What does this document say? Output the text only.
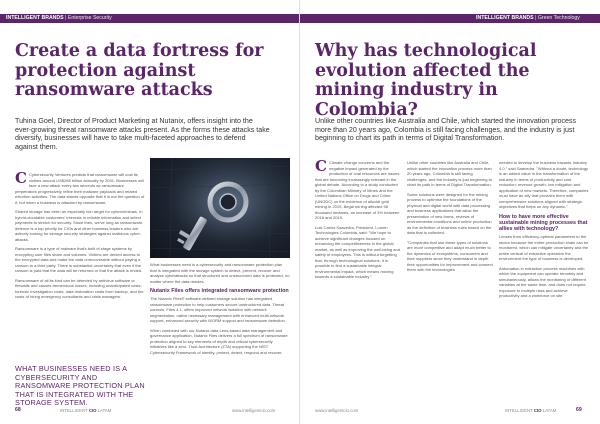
INTELLIGENT BRANDS | Enterprise Security
Create a data fortress for protection against ransomware attacks

Tuhina Goel, Director of Product Marketing at Nutanix, offers insight into the ever-growing threat ransomware attacks present. As the forms these attacks take diversify, businesses will have to take multi-faceted approaches to defend against them.

C Cybersecurity Ventures predicts that ransomware will cost its victims around US$265 billion annually by 2031. Businesses will face a new attack every two seconds as ransomware perpetrators progressively refine their malware payloads and related extortion activities. The data stands opposite that it is not the question of if, but when a business is attacked by ransomware.

Shared storage has been an especially rich target for cybercriminals. In hybrid-cloudable customers' interests in reliable information and select payments to stretch for security. Since then, we've long as ransomware defence is a top priority for CIOs and other business leaders who are actively looking for storage security strategies against malicious cyber-attacks.

Ransomware is a type of malware that's built of stage systems by encrypting user files share and volumes. Victims are denied access to the encrypted data and make the data unrecoverable without paying a ransom to a third party. There is substantial uncertainty that even if the ransom is paid that the data will be returned or that the attack is ended.

Ransomware of all its kind can be detected by antivirus software or firewalls and causes tremendous losses, including unanticipated costs, forensic investigation costs, data restoration costs from backup, and the costs of hiring emergency consultants and crisis managers.

WHAT BUSINESSES NEED IS A CYBERSECURITY AND RANSOMWARE PROTECTION PLAN THAT IS INTEGRATED WITH THE STORAGE SYSTEM.

What businesses need is a cybersecurity and ransomware protection plan that is integrated with the storage system to detect, prevent, recover and analyse cyberattacks so that structured and unstructured data is protected, no matter where the data resides.

Nutanix Files offers integrated ransomware protection

The Nutanix Files® software-defined storage solution has integrated ransomware protection to help customers secure unstructured data. Threat controls, Files 4.1, offers improved network isolation with network segmentation, native necessary management with enhanced multi-network support, enhanced security with WORM support and ransomware detection.

When combined with our Nutanix data Lens-based data management and governance application, Nutanix Files delivers a full spectrum of ransomware protection aligned to key elements of depth and critical cybersecurity initiatives like a zero. Trust Architecture (ZTA) supporting the NIST Cybersecurity Framework of identify, protect, detect, respond and recover.

68	INTELLIGENT CIO LATAM	www.intelligentcio.com
INTELLIGENT BRANDS | Green Technology
Why has technological evolution affected the mining industry in Colombia?

Unlike other countries like Australia and Chile, which started the innovation process more than 20 years ago, Colombia is still facing challenges, and the industry is just beginning to chart its path in terms of Digital Transformation.

C Climate change concerns and the negative impact generated by the production of coal resources are issues that are becoming increasingly relevant in the global debate. According to a study conducted by the Colombian Ministry of Mines and the United Nations Office on Drugs and Crime (UNODC) on the evidence of alluvial gold mining in 2019, illegal mining affected 98 thousand hectares, an increase of 3% between 2018 and 2019.

Luis Carlos Saavedra, President, Lumen Technologies Colombia, said: "We hope to achieve significant changes focused on enhancing the competitiveness in the global market, as well as improving the well-being and safety of employees. This is without forgetting that, through technological solutions, it is possible to find a sustainable integral environmental impact, which means moving towards a sustainable industry."

Unlike other countries like Australia and Chile, which started the innovation process more than 20 years ago, Colombia is still facing challenges, and the industry is just beginning to chart its path in terms of Digital Transformation.

Some solutions were designed for the mining process to optimise the foundations of the physical and digital world with data processing and business applications that allow the presentation of new forms, reviews of environmental conditions and online production as the definition of business rules based on the data that is collected.

"Companies that use these types of solutions are more competitive and adapt much better to the dynamics of ecosystems, consumers and their suppliers since they understand in depth their opportunities for improvement and connect them with the technologies

needed to develop the business towards Industry 4.0," said Saavedra. "Without a doubt, technology is an added value in the transformation of the industry in terms of productivity and cost reduction; revenue growth; low mitigation and application of new markets. Therefore, companies must have an ally that provides them with comprehensive solutions aligned with strategic objectives that helps on any dynamic."

How to have more effective sustainable mining processes that allies with technology?

Lenses from efficiency-optimal parameters to the sector because the entire production chain can be monitored, which can mitigate uncertainty and the entire vertical of extractive operation the environment the type of business is developed.

Automation in extraction process machines with which the equipment can operate remotely and simultaneously, allows the monitoring of different variables at the same time, and does not require exposure to multiple risks and achieve productivity and a workforce on site.

www.intelligentcio.com	INTELLIGENT CIO LATAM	69
